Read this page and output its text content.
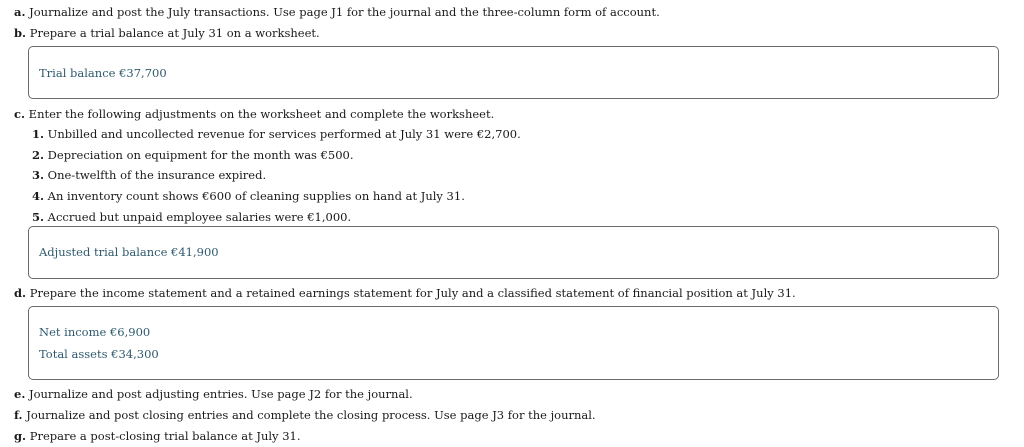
a. Journalize and post the July transactions. Use page J1 for the journal and the three-column form of account.
b. Prepare a trial balance at July 31 on a worksheet.
Trial balance €37,700
c. Enter the following adjustments on the worksheet and complete the worksheet.
1. Unbilled and uncollected revenue for services performed at July 31 were €2,700.
2. Depreciation on equipment for the month was €500.
3. One-twelfth of the insurance expired.
4. An inventory count shows €600 of cleaning supplies on hand at July 31.
5. Accrued but unpaid employee salaries were €1,000.
Adjusted trial balance €41,900
d. Prepare the income statement and a retained earnings statement for July and a classified statement of financial position at July 31.
Net income €6,900
Total assets €34,300
e. Journalize and post adjusting entries. Use page J2 for the journal.
f. Journalize and post closing entries and complete the closing process. Use page J3 for the journal.
g. Prepare a post-closing trial balance at July 31.
